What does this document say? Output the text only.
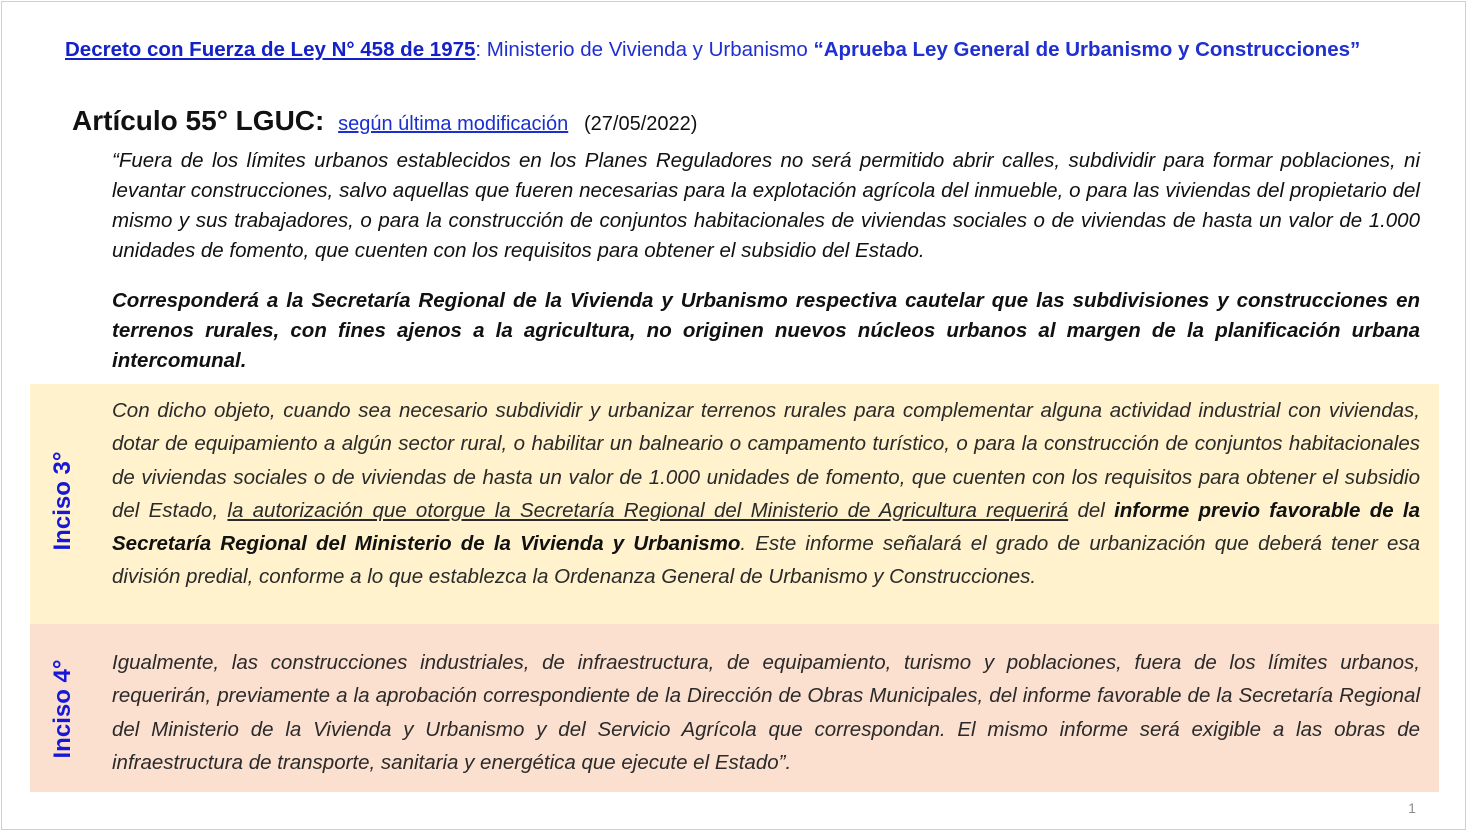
Decreto con Fuerza de Ley N° 458 de 1975: Ministerio de Vivienda y Urbanismo “Aprueba Ley General de Urbanismo y Construcciones”
Artículo 55° LGUC: según última modificación (27/05/2022)
“Fuera de los límites urbanos establecidos en los Planes Reguladores no será permitido abrir calles, subdividir para formar poblaciones, ni levantar construcciones, salvo aquellas que fueren necesarias para la explotación agrícola del inmueble, o para las viviendas del propietario del mismo y sus trabajadores, o para la construcción de conjuntos habitacionales de viviendas sociales o de viviendas de hasta un valor de 1.000 unidades de fomento, que cuenten con los requisitos para obtener el subsidio del Estado.
Corresponderá a la Secretaría Regional de la Vivienda y Urbanismo respectiva cautelar que las subdivisiones y construcciones en terrenos rurales, con fines ajenos a la agricultura, no originen nuevos núcleos urbanos al margen de la planificación urbana intercomunal.
Inciso 3°
Con dicho objeto, cuando sea necesario subdividir y urbanizar terrenos rurales para complementar alguna actividad industrial con viviendas, dotar de equipamiento a algún sector rural, o habilitar un balneario o campamento turístico, o para la construcción de conjuntos habitacionales de viviendas sociales o de viviendas de hasta un valor de 1.000 unidades de fomento, que cuenten con los requisitos para obtener el subsidio del Estado, la autorización que otorgue la Secretaría Regional del Ministerio de Agricultura requerirá del informe previo favorable de la Secretaría Regional del Ministerio de la Vivienda y Urbanismo. Este informe señalará el grado de urbanización que deberá tener esa división predial, conforme a lo que establezca la Ordenanza General de Urbanismo y Construcciones.
Inciso 4° Igualmente, las construcciones industriales, de infraestructura, de equipamiento, turismo y poblaciones, fuera de los límites urbanos, requerirán, previamente a la aprobación correspondiente de la Dirección de Obras Municipales, del informe favorable de la Secretaría Regional del Ministerio de la Vivienda y Urbanismo y del Servicio Agrícola que correspondan. El mismo informe será exigible a las obras de infraestructura de transporte, sanitaria y energética que ejecute el Estado”.
1
